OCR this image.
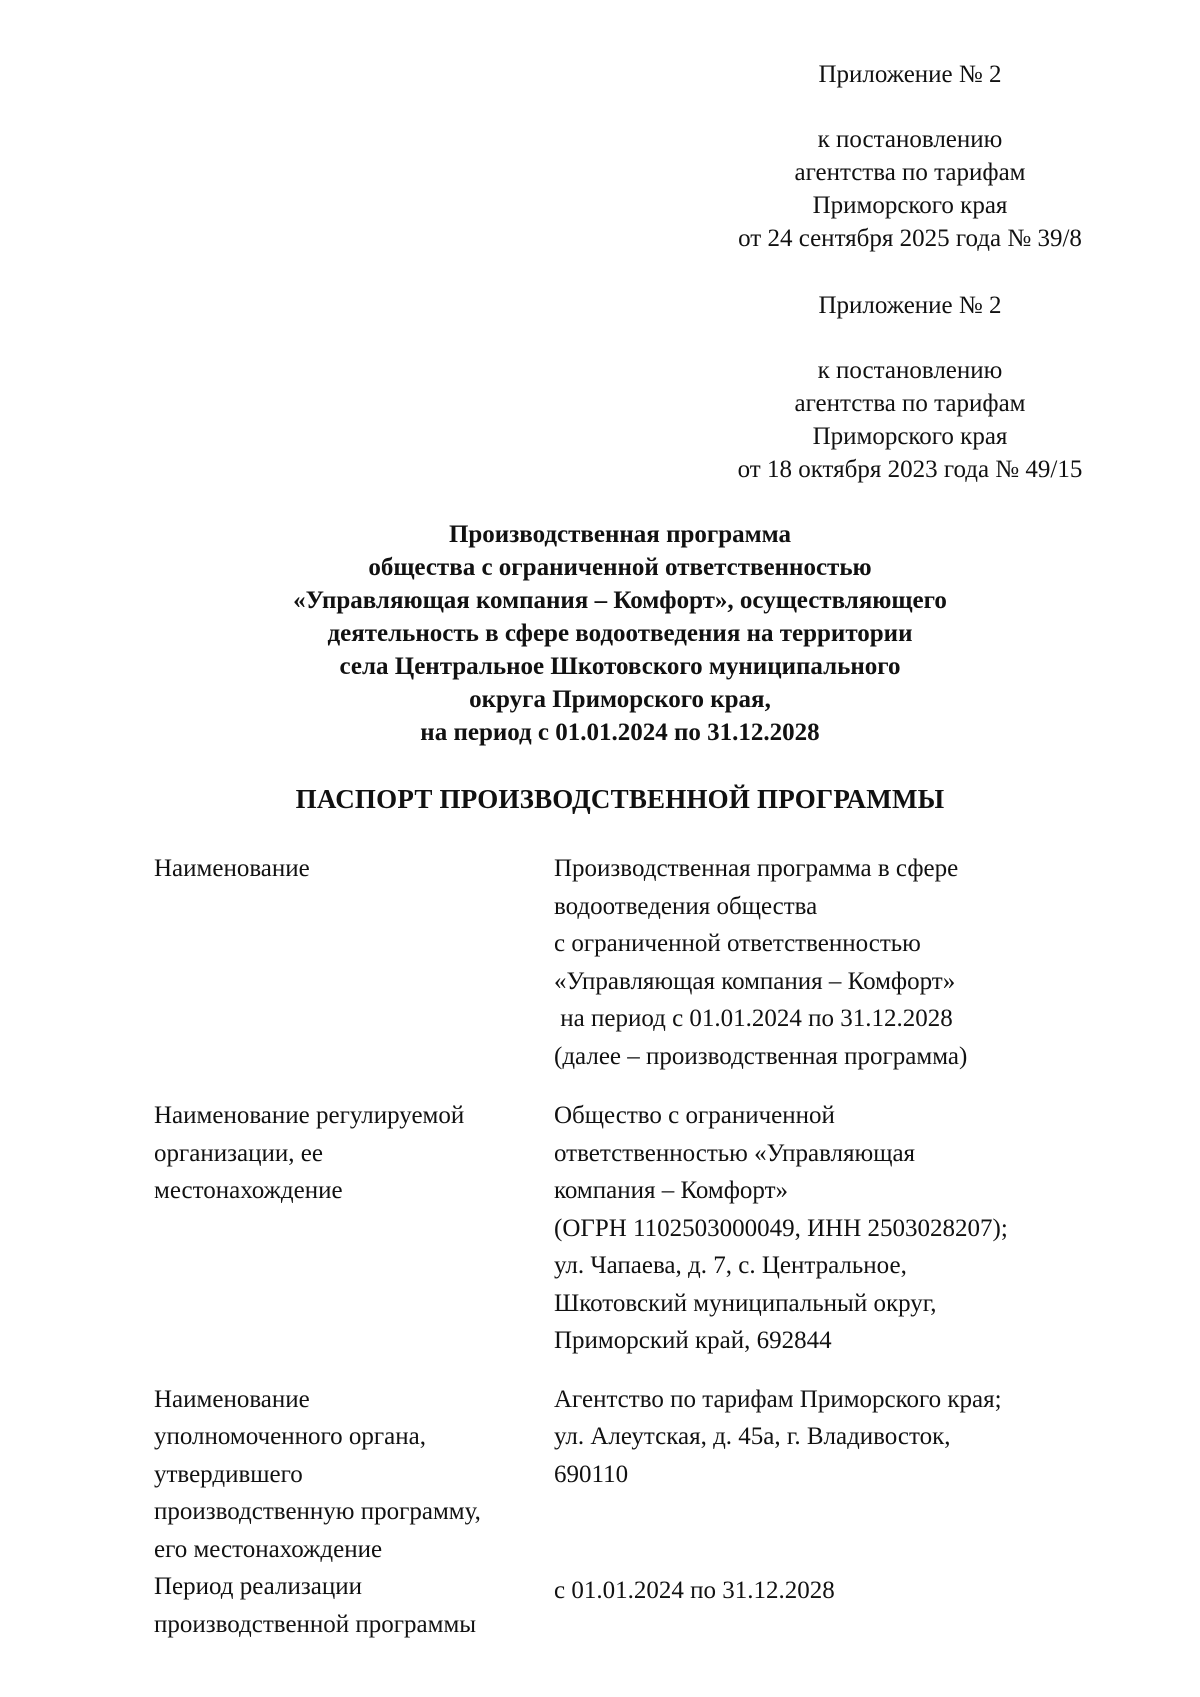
Приложение № 2
к постановлению
агентства по тарифам
Приморского края
от 24 сентября 2025 года № 39/8
Приложение № 2
к постановлению
агентства по тарифам
Приморского края
от 18 октября 2023 года № 49/15
Производственная программа
общества с ограниченной ответственностью
«Управляющая компания – Комфорт», осуществляющего
деятельность в сфере водоотведения на территории
села Центральное Шкотовского муниципального
округа Приморского края,
на период с 01.01.2024 по 31.12.2028
ПАСПОРТ ПРОИЗВОДСТВЕННОЙ ПРОГРАММЫ
Наименование	Производственная программа в сфере
водоотведения общества
с ограниченной ответственностью
«Управляющая компания – Комфорт»
на период с 01.01.2024 по 31.12.2028
(далее – производственная программа)
Наименование регулируемой
организации, ее
местонахождение
Общество с ограниченной
ответственностью «Управляющая
компания – Комфорт»
(ОГРН 1102503000049, ИНН 2503028207);
ул. Чапаева, д. 7, с. Центральное,
Шкотовский муниципальный округ,
Приморский край, 692844
Наименование
уполномоченного органа,
утвердившего
производственную программу,
его местонахождение
Агентство по тарифам Приморского края;
ул. Алеутская, д. 45а, г. Владивосток,
690110
Период реализации
производственной программы
с 01.01.2024 по 31.12.2028
